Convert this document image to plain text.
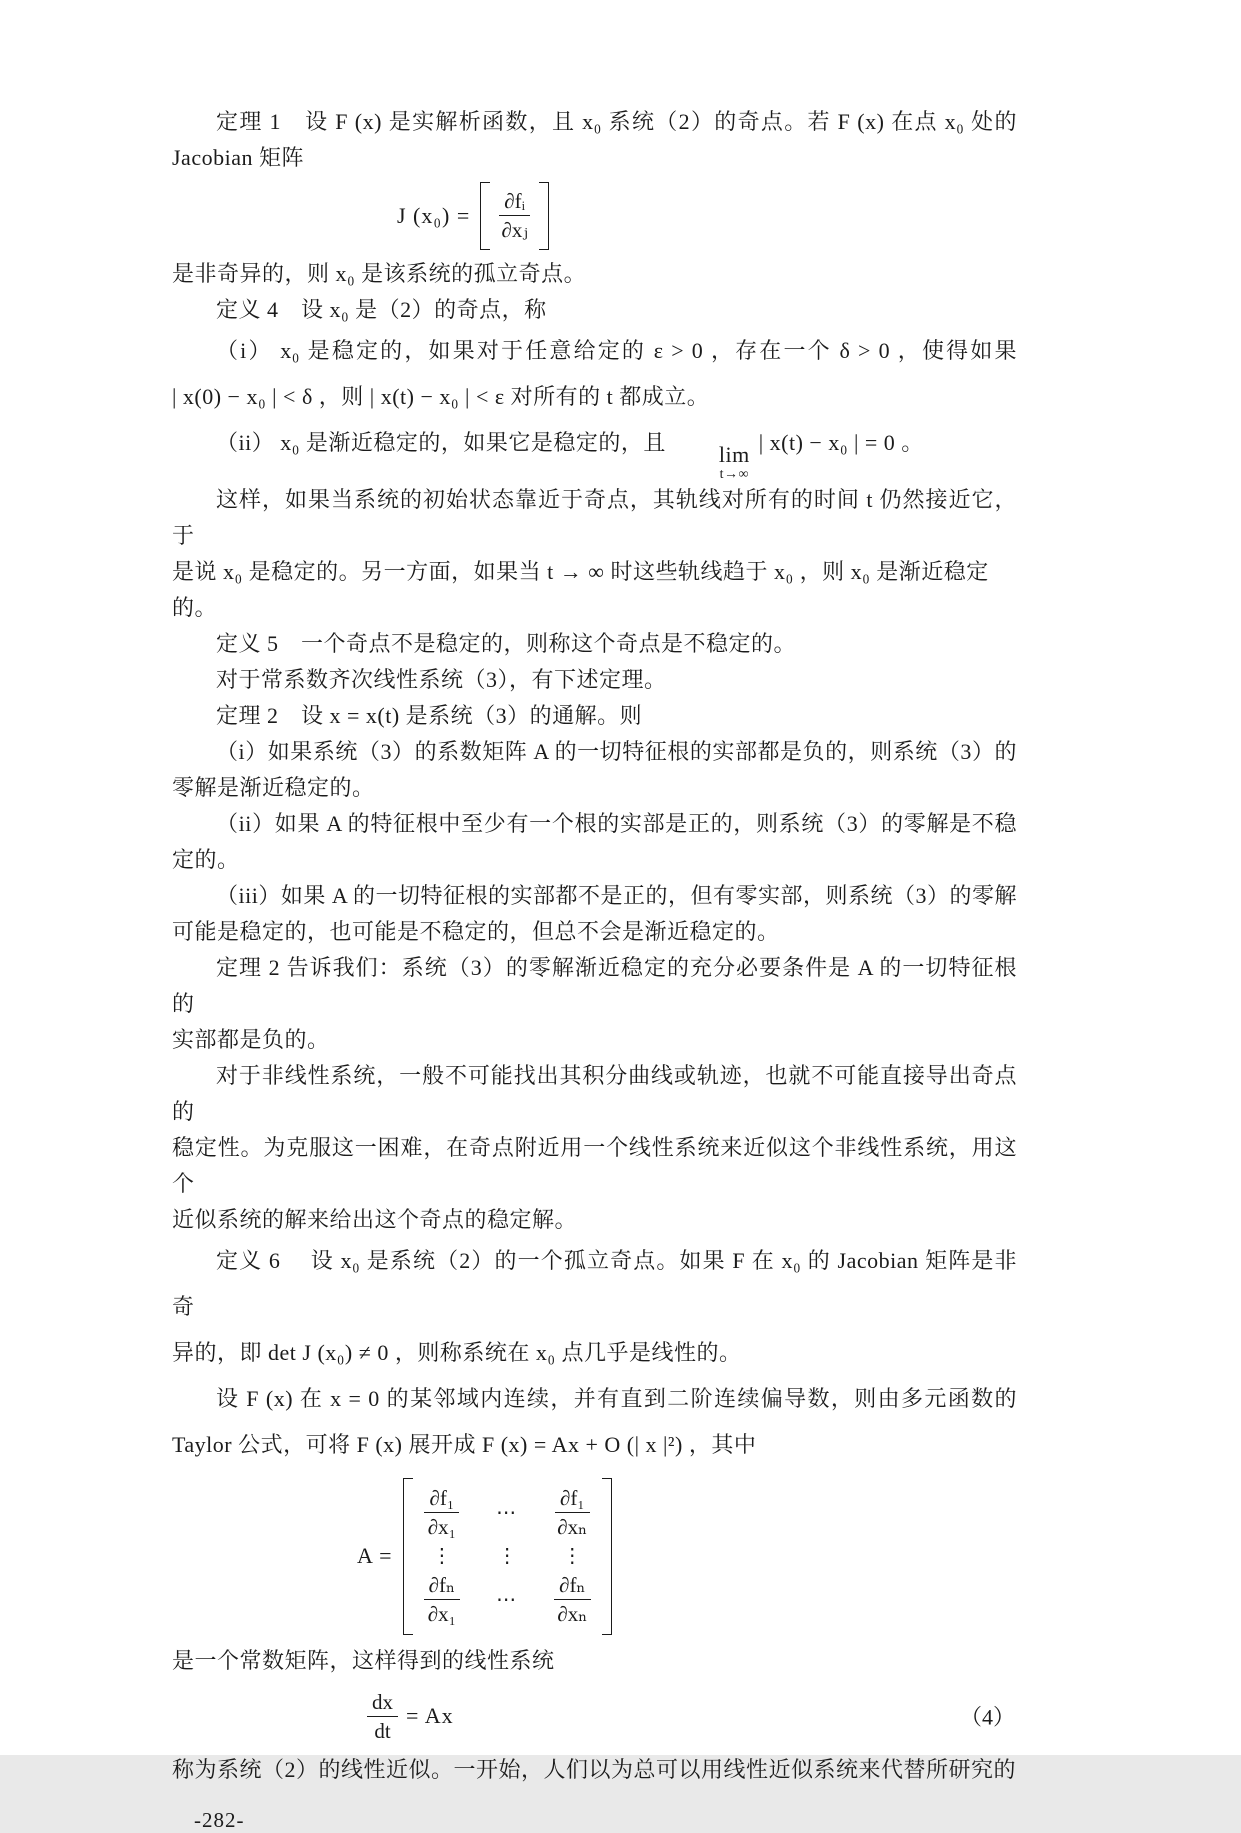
定理 1　设 F (x) 是实解析函数，且 x₀ 系统（2）的奇点。若 F (x) 在点 x₀ 处的
Jacobian 矩阵
J $(x_0) = \frac{\text{∂fᵢ}}{\text{∂xⱼ}}$
是非奇异的，则 x₀ 是该系统的孤立奇点。
定义 4　设 x₀ 是（2）的奇点，称
（i） x₀ 是稳定的，如果对于任意给定的 ε > 0 ，存在一个 δ > 0 ，使得如果
| x(0) − x₀ | < δ ，则 | x(t) − x₀ | < ε 对所有的 t 都成立。
（ii） x₀ 是渐近稳定的，如果它是稳定的，且	lim
t→∞
| x(t) − x₀ | = 0 。
这样，如果当系统的初始状态靠近于奇点，其轨线对所有的时间 t 仍然接近它，于
是说 x₀ 是稳定的。另一方面，如果当 t → ∞ 时这些轨线趋于 x₀ ，则 x₀ 是渐近稳定的。
定义 5　一个奇点不是稳定的，则称这个奇点是不稳定的。
对于常系数齐次线性系统（3），有下述定理。
定理 2　设 x = x(t) 是系统（3）的通解。则
（i）如果系统（3）的系数矩阵 A 的一切特征根的实部都是负的，则系统（3）的
零解是渐近稳定的。
（ii）如果 A 的特征根中至少有一个根的实部是正的，则系统（3）的零解是不稳
定的。
（iii）如果 A 的一切特征根的实部都不是正的，但有零实部，则系统（3）的零解
可能是稳定的，也可能是不稳定的，但总不会是渐近稳定的。
定理 2 告诉我们：系统（3）的零解渐近稳定的充分必要条件是 A 的一切特征根的
实部都是负的。
对于非线性系统，一般不可能找出其积分曲线或轨迹，也就不可能直接导出奇点的
稳定性。为克服这一困难，在奇点附近用一个线性系统来近似这个非线性系统，用这个
近似系统的解来给出这个奇点的稳定解。
定义 6　 设 x₀ 是系统（2）的一个孤立奇点。如果 F 在 x₀ 的 Jacobian 矩阵是非奇
异的，即 det J (x₀) ≠ 0 ，则称系统在 x₀ 点几乎是线性的。
设 F (x) 在 x = 0 的某邻域内连续，并有直到二阶连续偏导数，则由多元函数的
Taylor 公式，可将 F (x) 展开成 F (x) = Ax + O (| x |²) ，其中
A =
$\frac{\text{∂f₁}}{\text{∂x₁}}$ ⋯ $\frac{\text{∂f₁}}{\text{∂xₙ}}$
⋮ ⋮ ⋮
$\frac{\text{∂fₙ}}{\text{∂x₁}}$ ⋯ $\frac{\text{∂fₙ}}{\text{∂xₙ}}$
是一个常数矩阵，这样得到的线性系统
$\frac{dx}{dt} = Ax$	（4）
称为系统（2）的线性近似。一开始，人们以为总可以用线性近似系统来代替所研究的
-282-
